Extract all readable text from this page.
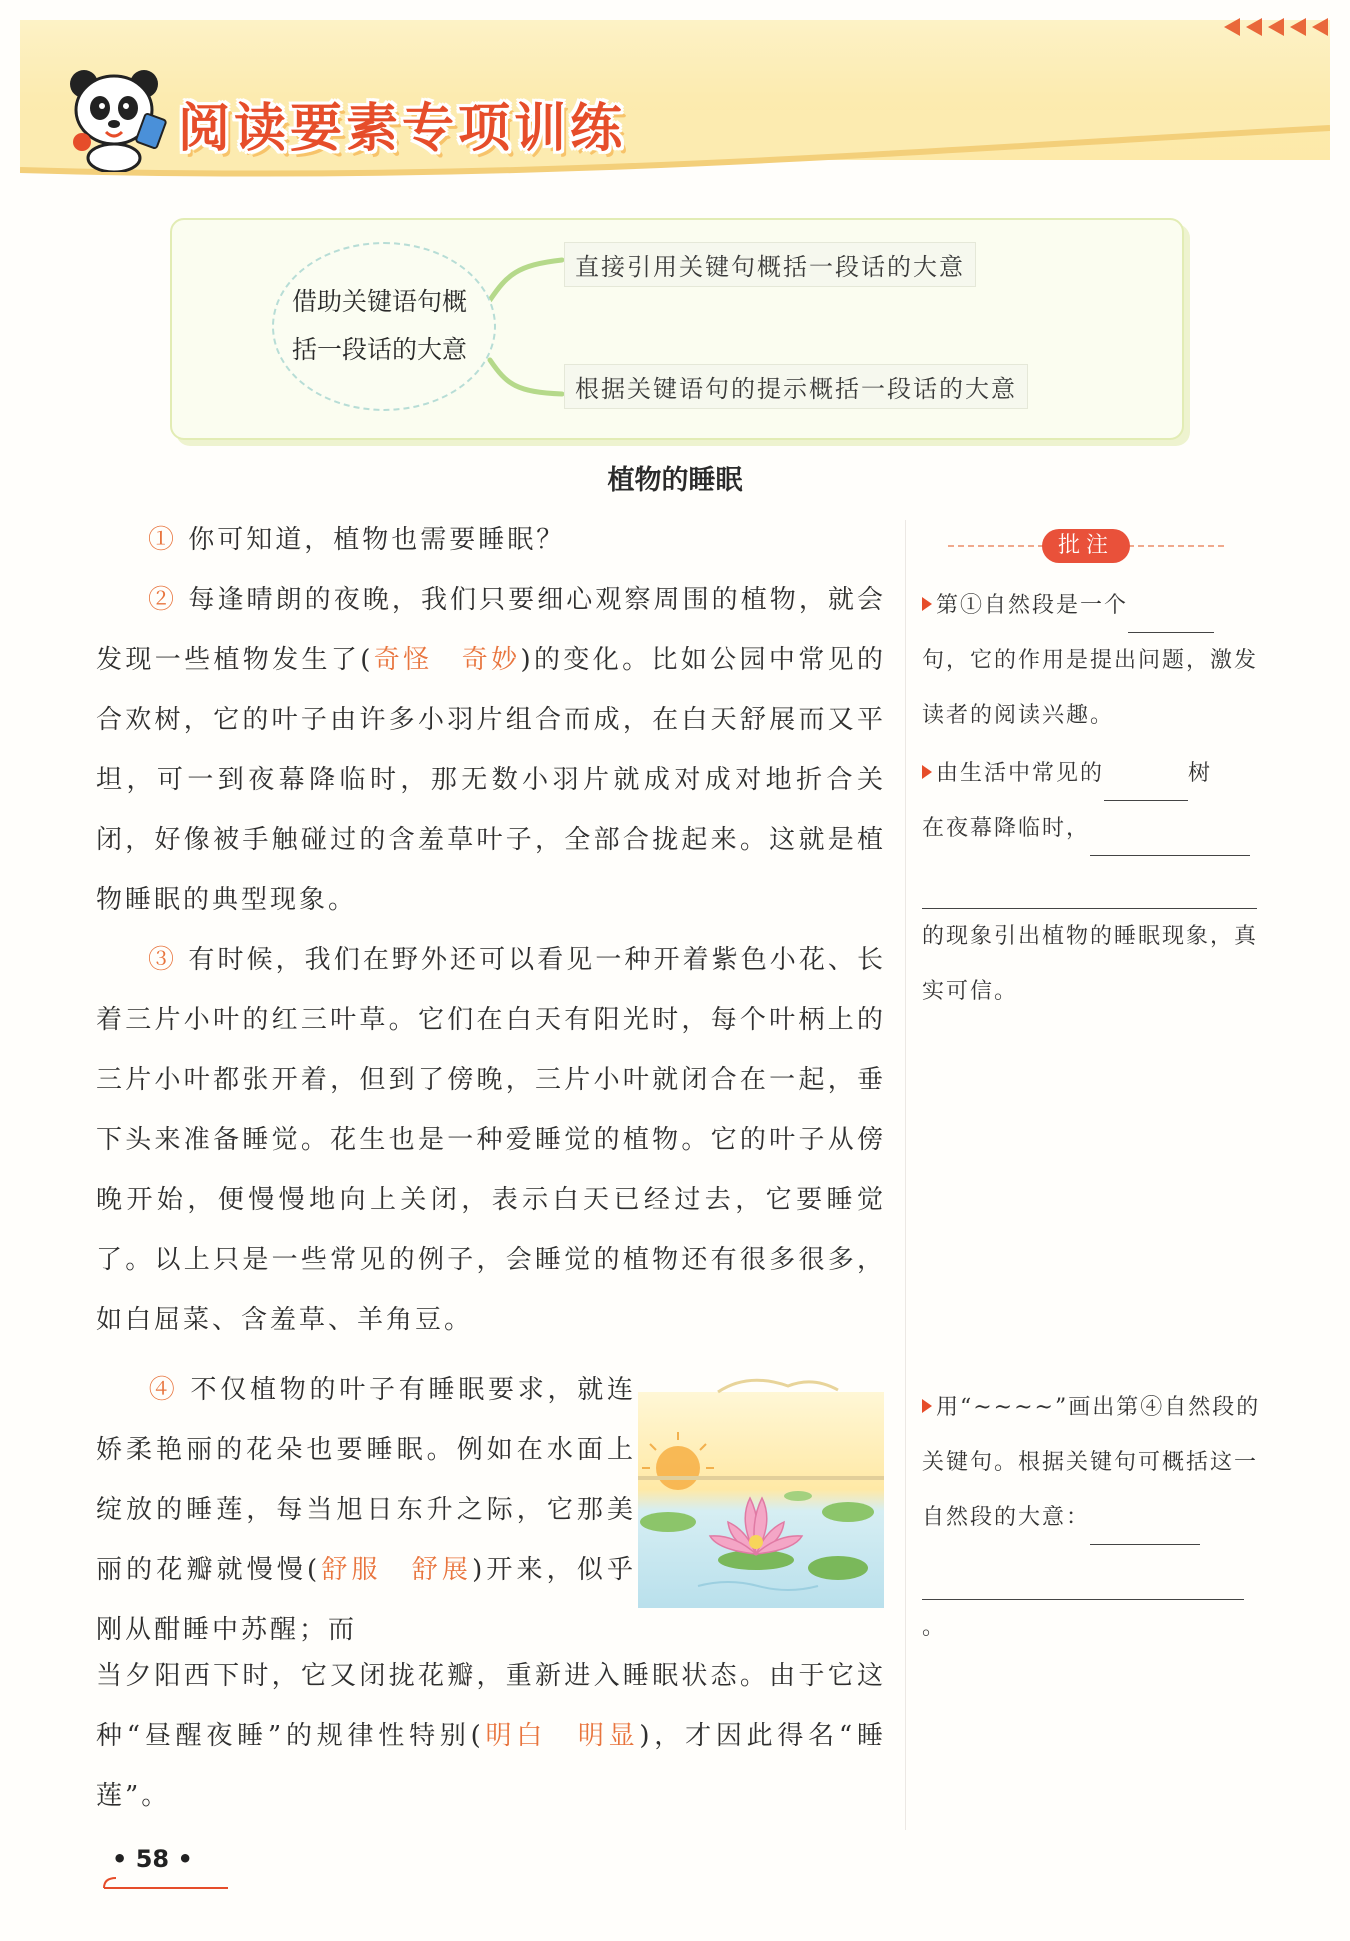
阅读要素专项训练
借助关键语句概
括一段话的大意
直接引用关键句概括一段话的大意
根据关键语句的提示概括一段话的大意
植物的睡眠

① 你可知道，植物也需要睡眠？

② 每逢晴朗的夜晚，我们只要细心观察周围的植物，就会发现一些植物发生了(奇怪　奇妙)的变化。比如公园中常见的合欢树，它的叶子由许多小羽片组合而成，在白天舒展而又平坦，可一到夜幕降临时，那无数小羽片就成对成对地折合关闭，好像被手触碰过的含羞草叶子，全部合拢起来。这就是植物睡眠的典型现象。

③ 有时候，我们在野外还可以看见一种开着紫色小花、长着三片小叶的红三叶草。它们在白天有阳光时，每个叶柄上的三片小叶都张开着，但到了傍晚，三片小叶就闭合在一起，垂下头来准备睡觉。花生也是一种爱睡觉的植物。它的叶子从傍晚开始，便慢慢地向上关闭，表示白天已经过去，它要睡觉了。以上只是一些常见的例子，会睡觉的植物还有很多很多，如白屈菜、含羞草、羊角豆。

④ 不仅植物的叶子有睡眠要求，就连娇柔艳丽的花朵也要睡眠。例如在水面上绽放的睡莲，每当旭日东升之际，它那美丽的花瓣就慢慢(舒服　舒展)开来，似乎刚从酣睡中苏醒；而
当夕阳西下时，它又闭拢花瓣，重新进入睡眠状态。由于它这种“昼醒夜睡”的规律性特别(明白　明显)，才因此得名“睡莲”。
批注
第①自然段是一个句，它的作用是提出问题，激发读者的阅读兴趣。
由生活中常见的	树
在夜幕降临时，
的现象引出植物的睡眠现象，真实可信。
用“~~~~”画出第④自然段的关键句。根据关键句可概括这一自然段的大意：
。
• 58 •
